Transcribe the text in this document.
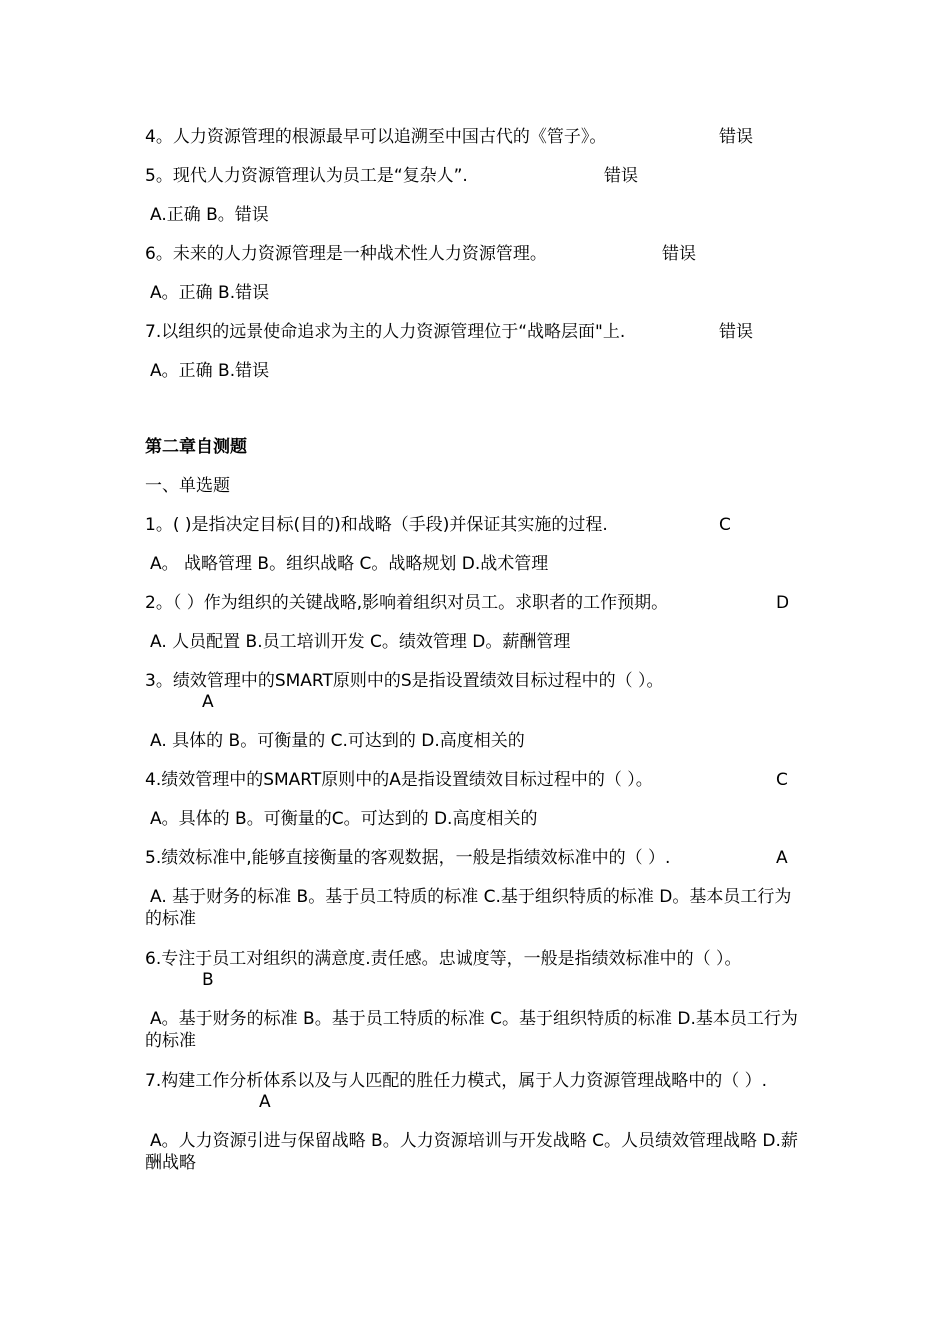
4。人力资源管理的根源最早可以追溯至中国古代的《管子》。	错误
5。现代人力资源管理认为员工是“复杂人”.	错误
A.正确 B。错误
6。未来的人力资源管理是一种战术性人力资源管理。	错误
A。正确 B.错误
7.以组织的远景使命追求为主的人力资源管理位于“战略层面"上.	错误
A。正确 B.错误
第二章自测题
一、单选题
1。( )是指决定目标(目的)和战略（手段)并保证其实施的过程.	C
A。 战略管理 B。组织战略 C。战略规划 D.战术管理
2。（ ）作为组织的关键战略,影响着组织对员工。求职者的工作预期。	D
A. 人员配置 B.员工培训开发 C。绩效管理 D。薪酬管理
3。绩效管理中的SMART原则中的S是指设置绩效目标过程中的（ ）。
A
A. 具体的 B。可衡量的 C.可达到的 D.高度相关的
4.绩效管理中的SMART原则中的A是指设置绩效目标过程中的（ ）。	C
A。具体的 B。可衡量的C。可达到的 D.高度相关的
5.绩效标准中,能够直接衡量的客观数据，一般是指绩效标准中的（ ）.	A
A. 基于财务的标准 B。基于员工特质的标准 C.基于组织特质的标准 D。基本员工行为的标准
6.专注于员工对组织的满意度.责任感。忠诚度等，一般是指绩效标准中的（ ）。
B
A。基于财务的标准 B。基于员工特质的标准 C。基于组织特质的标准 D.基本员工行为的标准
7.构建工作分析体系以及与人匹配的胜任力模式，属于人力资源管理战略中的（ ）.
A
A。人力资源引进与保留战略 B。人力资源培训与开发战略 C。人员绩效管理战略 D.薪酬战略
